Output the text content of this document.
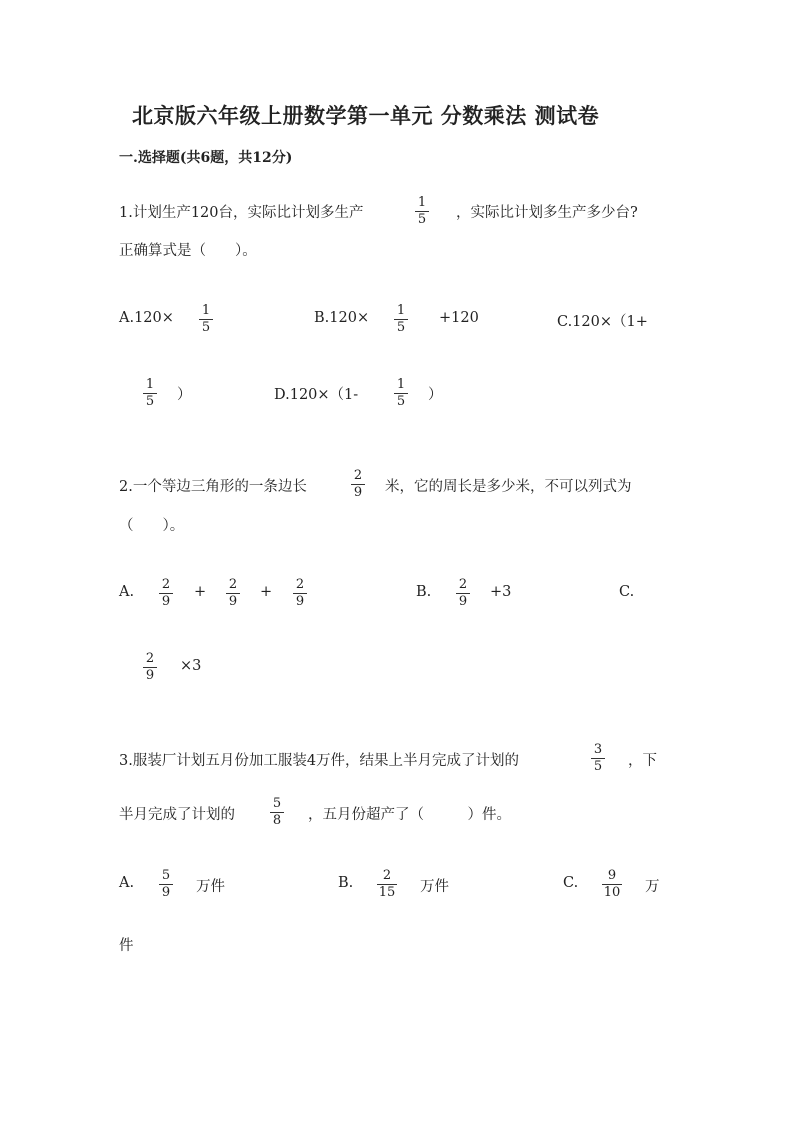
北京版六年级上册数学第一单元 分数乘法 测试卷
一.选择题(共6题，共12分)
1.计划生产120台，实际比计划多生产
1
5 ，实际比计划多生产多少台?
正确算式是（　　）。
A.120× 1
5
B.120× 1
5
+120	C.120×（1+
1
5 ）	D.120×（1-
1
5 ）
2.一个等边三角形的一条边长
2
9 米，它的周长是多少米，不可以列式为
（　　）。
A. 2
9
+ 2
9
+ 2
9
B. 2
9
+3	C.
2
9
×3
3.服装厂计划五月份加工服装4万件，结果上半月完成了计划的
3
5 ，下
半月完成了计划的
5
8 ，五月份超产了（　　　）件。
A. 5
9 万件	B.	2
15 万件	C.	9
10 万
件
